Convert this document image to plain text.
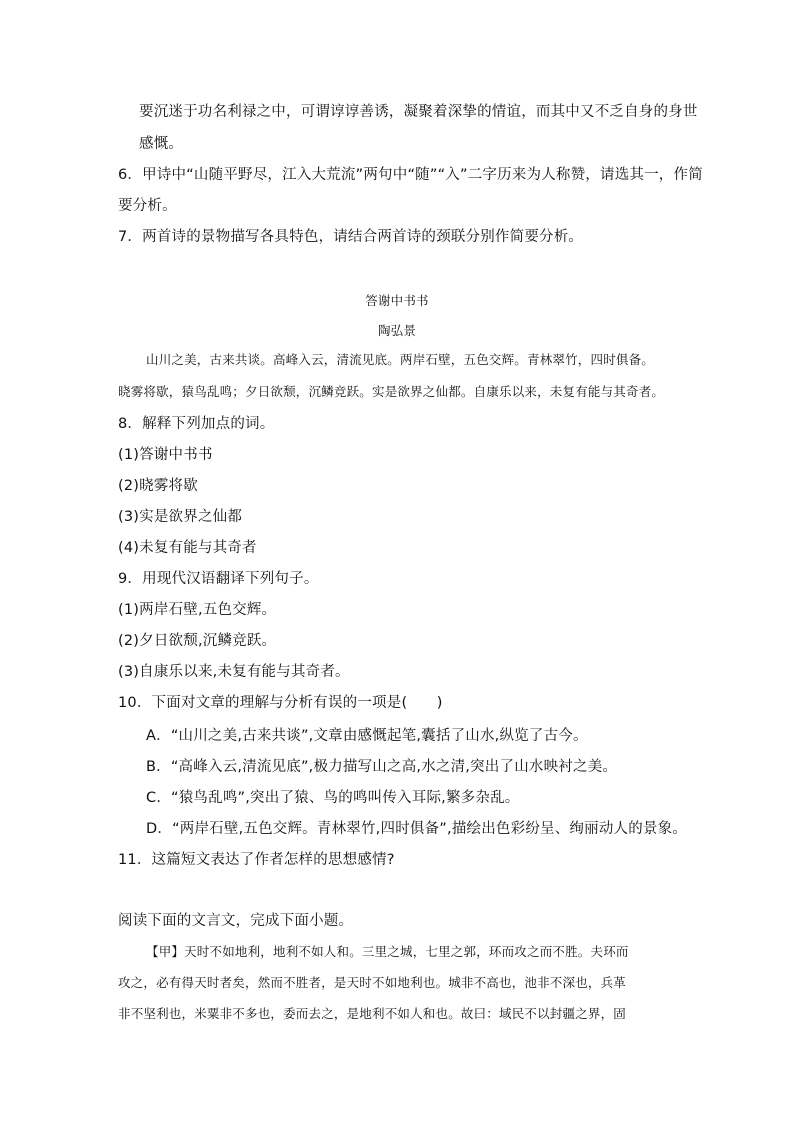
要沉迷于功名利禄之中，可谓谆谆善诱，凝聚着深挚的情谊，而其中又不乏自身的身世
感慨。
6．甲诗中“山随平野尽，江入大荒流”两句中“随”“入”二字历来为人称赞，请选其一，作简
要分析。
7．两首诗的景物描写各具特色，请结合两首诗的颈联分别作简要分析。
答谢中书书
陶弘景
山川之美，古来共谈。高峰入云，清流见底。两岸石壁，五色交辉。青林翠竹，四时俱备。
晓雾将歇，猿鸟乱鸣；夕日欲颓，沉鳞竞跃。实是欲界之仙都。自康乐以来，未复有能与其奇者。
8．解释下列加点的词。
(1)答谢中书书
(2)晓雾将歇
(3)实是欲界之仙都
(4)未复有能与其奇者
9．用现代汉语翻译下列句子。
(1)两岸石壁,五色交辉。
(2)夕日欲颓,沉鳞竞跃。
(3)自康乐以来,未复有能与其奇者。
10．下面对文章的理解与分析有误的一项是(　　)
A．“山川之美,古来共谈”,文章由感慨起笔,囊括了山水,纵览了古今。
B．“高峰入云,清流见底”,极力描写山之高,水之清,突出了山水映衬之美。
C．“猿鸟乱鸣”,突出了猿、鸟的鸣叫传入耳际,繁多杂乱。
D．“两岸石壁,五色交辉。青林翠竹,四时俱备”,描绘出色彩纷呈、绚丽动人的景象。
11．这篇短文表达了作者怎样的思想感情?
阅读下面的文言文，完成下面小题。
【甲】天时不如地利，地利不如人和。三里之城，七里之郭，环而攻之而不胜。夫环而
攻之，必有得天时者矣，然而不胜者，是天时不如地利也。城非不高也，池非不深也，兵革
非不坚利也，米粟非不多也，委而去之，是地利不如人和也。故曰：域民不以封疆之界，固
